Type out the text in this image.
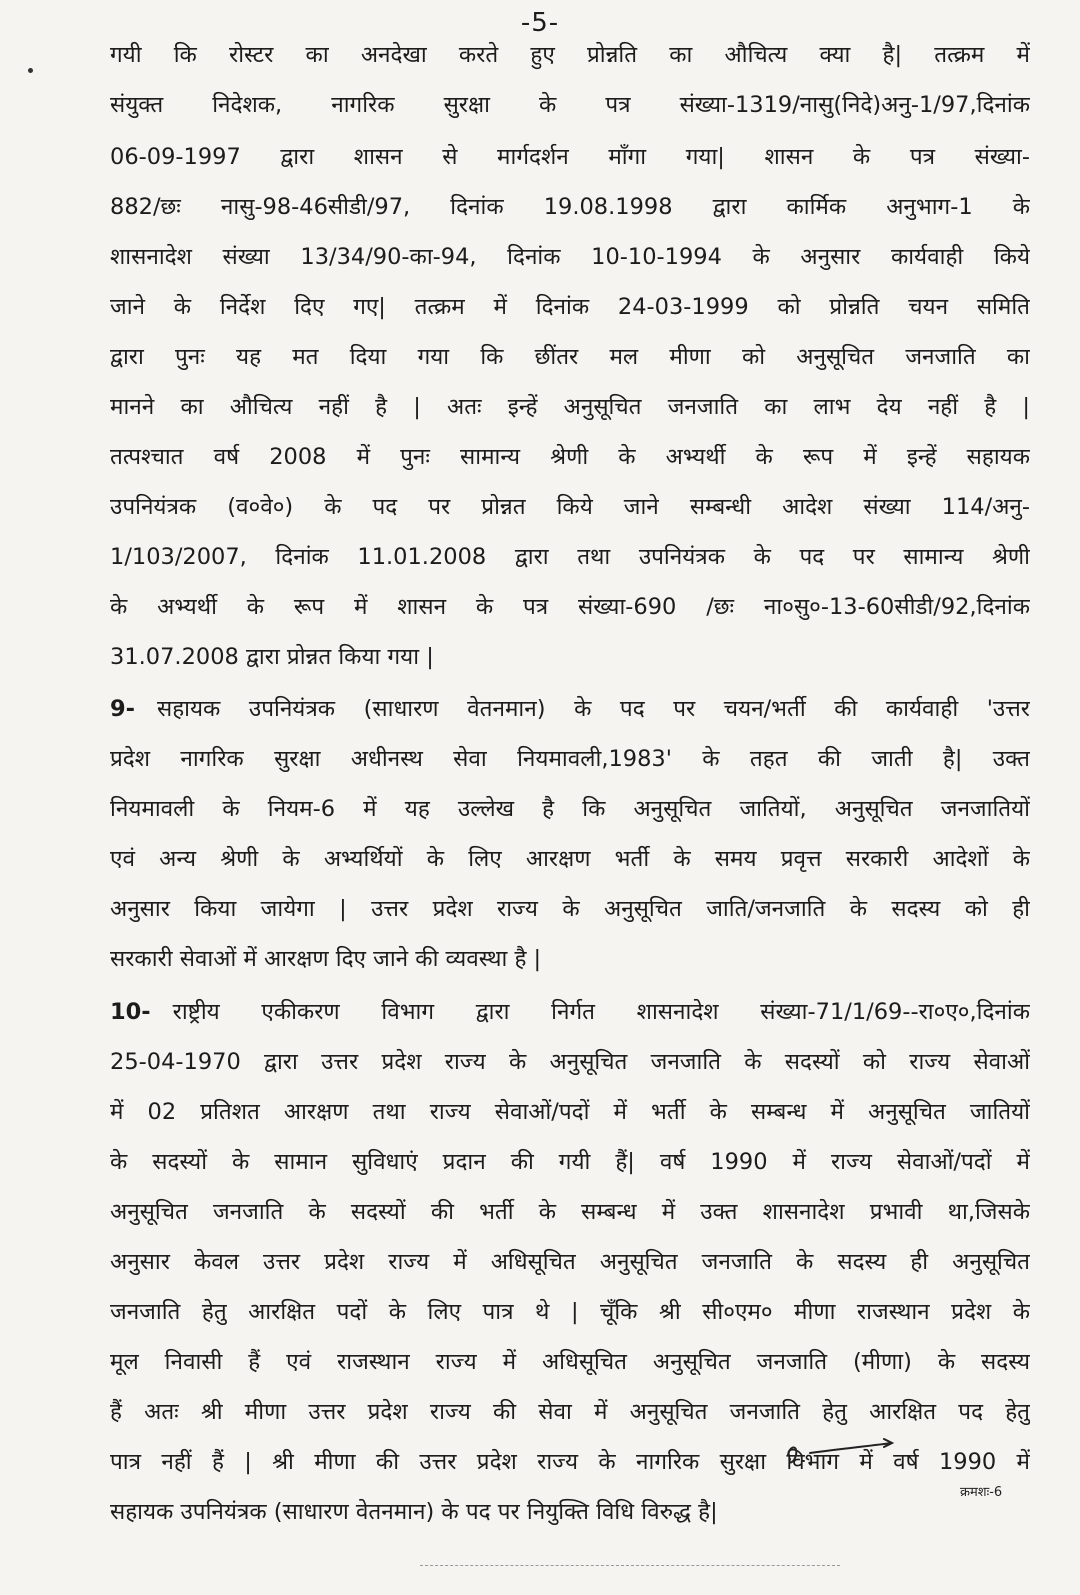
-5-
गयी कि रोस्टर का अनदेखा करते हुए प्रोन्नति का औचित्य क्या है| तत्क्रम में
संयुक्त निदेशक, नागरिक सुरक्षा के पत्र संख्या-1319/नासु(निदे)अनु-1/97,दिनांक
06-09-1997 द्वारा शासन से मार्गदर्शन माँगा गया| शासन के पत्र संख्या-
882/छः नासु-98-46सीडी/97, दिनांक 19.08.1998 द्वारा कार्मिक अनुभाग-1 के
शासनादेश संख्या 13/34/90-का-94, दिनांक 10-10-1994 के अनुसार कार्यवाही किये
जाने के निर्देश दिए गए| तत्क्रम में दिनांक 24-03-1999 को प्रोन्नति चयन समिति
द्वारा पुनः यह मत दिया गया कि छींतर मल मीणा को अनुसूचित जनजाति का
मानने का औचित्य नहीं है | अतः इन्हें अनुसूचित जनजाति का लाभ देय नहीं है |
तत्पश्चात वर्ष 2008 में पुनः सामान्य श्रेणी के अभ्यर्थी के रूप में इन्हें सहायक
उपनियंत्रक (व०वे०) के पद पर प्रोन्नत किये जाने सम्बन्धी आदेश संख्या 114/अनु-
1/103/2007, दिनांक 11.01.2008 द्वारा तथा उपनियंत्रक के पद पर सामान्य श्रेणी
के अभ्यर्थी के रूप में शासन के पत्र संख्या-690 /छः ना०सु०-13-60सीडी/92,दिनांक
31.07.2008 द्वारा प्रोन्नत किया गया |
9- सहायक उपनियंत्रक (साधारण वेतनमान) के पद पर चयन/भर्ती की कार्यवाही 'उत्तर
प्रदेश नागरिक सुरक्षा अधीनस्थ सेवा नियमावली,1983' के तहत की जाती है| उक्त
नियमावली के नियम-6 में यह उल्लेख है कि अनुसूचित जातियों, अनुसूचित जनजातियों
एवं अन्य श्रेणी के अभ्यर्थियों के लिए आरक्षण भर्ती के समय प्रवृत्त सरकारी आदेशों के
अनुसार किया जायेगा | उत्तर प्रदेश राज्य के अनुसूचित जाति/जनजाति के सदस्य को ही
सरकारी सेवाओं में आरक्षण दिए जाने की व्यवस्था है |
10- राष्ट्रीय एकीकरण विभाग द्वारा निर्गत शासनादेश संख्या-71/1/69--रा०ए०,दिनांक
25-04-1970 द्वारा उत्तर प्रदेश राज्य के अनुसूचित जनजाति के सदस्यों को राज्य सेवाओं
में 02 प्रतिशत आरक्षण तथा राज्य सेवाओं/पदों में भर्ती के सम्बन्ध में अनुसूचित जातियों
के सदस्यों के सामान सुविधाएं प्रदान की गयी हैं| वर्ष 1990 में राज्य सेवाओं/पदों में
अनुसूचित जनजाति के सदस्यों की भर्ती के सम्बन्ध में उक्त शासनादेश प्रभावी था,जिसके
अनुसार केवल उत्तर प्रदेश राज्य में अधिसूचित अनुसूचित जनजाति के सदस्य ही अनुसूचित
जनजाति हेतु आरक्षित पदों के लिए पात्र थे | चूँकि श्री सी०एम० मीणा राजस्थान प्रदेश के
मूल निवासी हैं एवं राजस्थान राज्य में अधिसूचित अनुसूचित जनजाति (मीणा) के सदस्य
हैं अतः श्री मीणा उत्तर प्रदेश राज्य की सेवा में अनुसूचित जनजाति हेतु आरक्षित पद हेतु
पात्र नहीं हैं | श्री मीणा की उत्तर प्रदेश राज्य के नागरिक सुरक्षा विभाग में वर्ष 1990 में
सहायक उपनियंत्रक (साधारण वेतनमान) के पद पर नियुक्ति विधि विरुद्ध है|
क्रमशः-6
